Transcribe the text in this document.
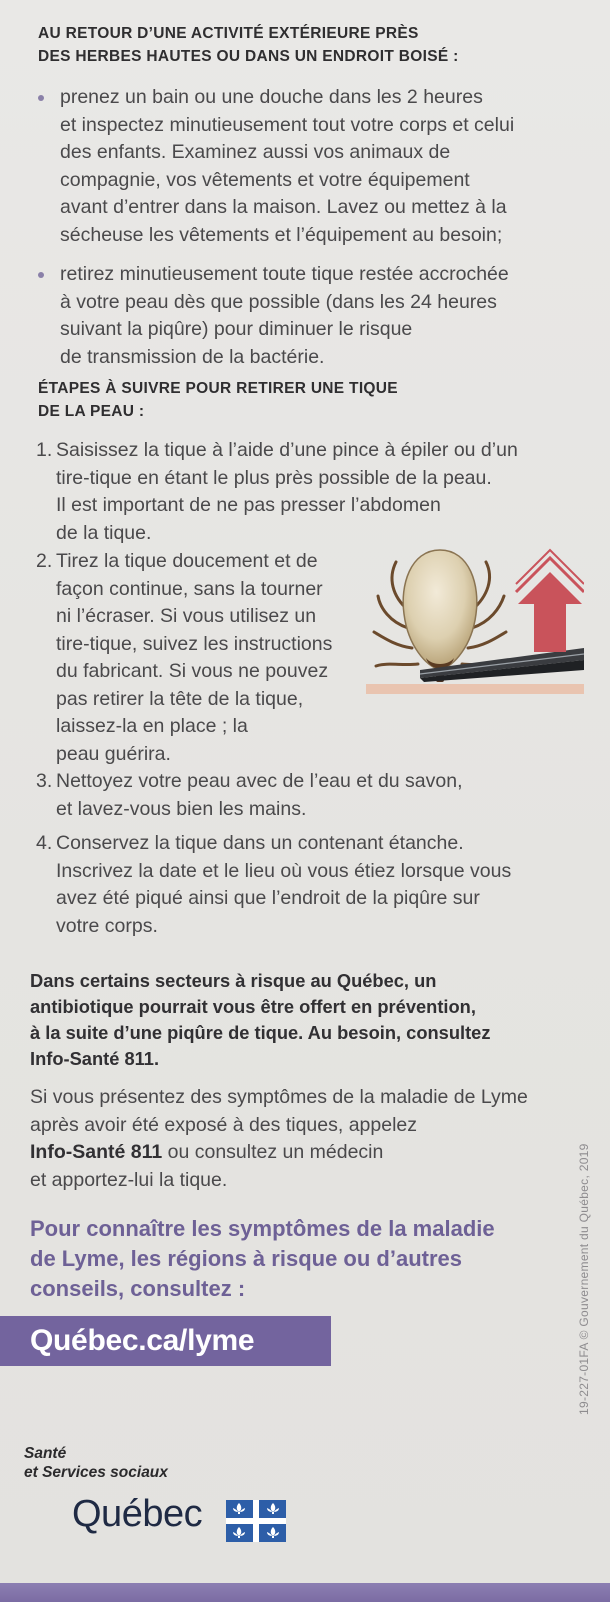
AU RETOUR D’UNE ACTIVITÉ EXTÉRIEURE PRÈS
DES HERBES HAUTES OU DANS UN ENDROIT BOISÉ :
prenez un bain ou une douche dans les 2 heures
et inspectez minutieusement tout votre corps et celui
des enfants. Examinez aussi vos animaux de
compagnie, vos vêtements et votre équipement
avant d’entrer dans la maison. Lavez ou mettez à la
sécheuse les vêtements et l’équipement au besoin;
retirez minutieusement toute tique restée accrochée
à votre peau dès que possible (dans les 24 heures
suivant la piqûre) pour diminuer le risque
de transmission de la bactérie.
ÉTAPES À SUIVRE POUR RETIRER UNE TIQUE
DE LA PEAU :
1. Saisissez la tique à l’aide d’une pince à épiler ou d’un
tire-tique en étant le plus près possible de la peau.
Il est important de ne pas presser l’abdomen
de la tique.
2. Tirez la tique doucement et de
façon continue, sans la tourner
ni l’écraser. Si vous utilisez un
tire-tique, suivez les instructions
du fabricant. Si vous ne pouvez
pas retirer la tête de la tique,
laissez-la en place ; la
peau guérira.
3. Nettoyez votre peau avec de l’eau et du savon,
et lavez-vous bien les mains.
4. Conservez la tique dans un contenant étanche.
Inscrivez la date et le lieu où vous étiez lorsque vous
avez été piqué ainsi que l’endroit de la piqûre sur
votre corps.

Dans certains secteurs à risque au Québec, un
antibiotique pourrait vous être offert en prévention,
à la suite d’une piqûre de tique. Au besoin, consultez
Info-Santé 811.

Si vous présentez des symptômes de la maladie de Lyme
après avoir été exposé à des tiques, appelez
Info-Santé 811 ou consultez un médecin
et apportez-lui la tique.

Pour connaître les symptômes de la maladie
de Lyme, les régions à risque ou d’autres
conseils, consultez :

Québec.ca/lyme	19-227-01FA © Gouvernement du Québec, 2019
Santé
et Services sociaux
Québec
